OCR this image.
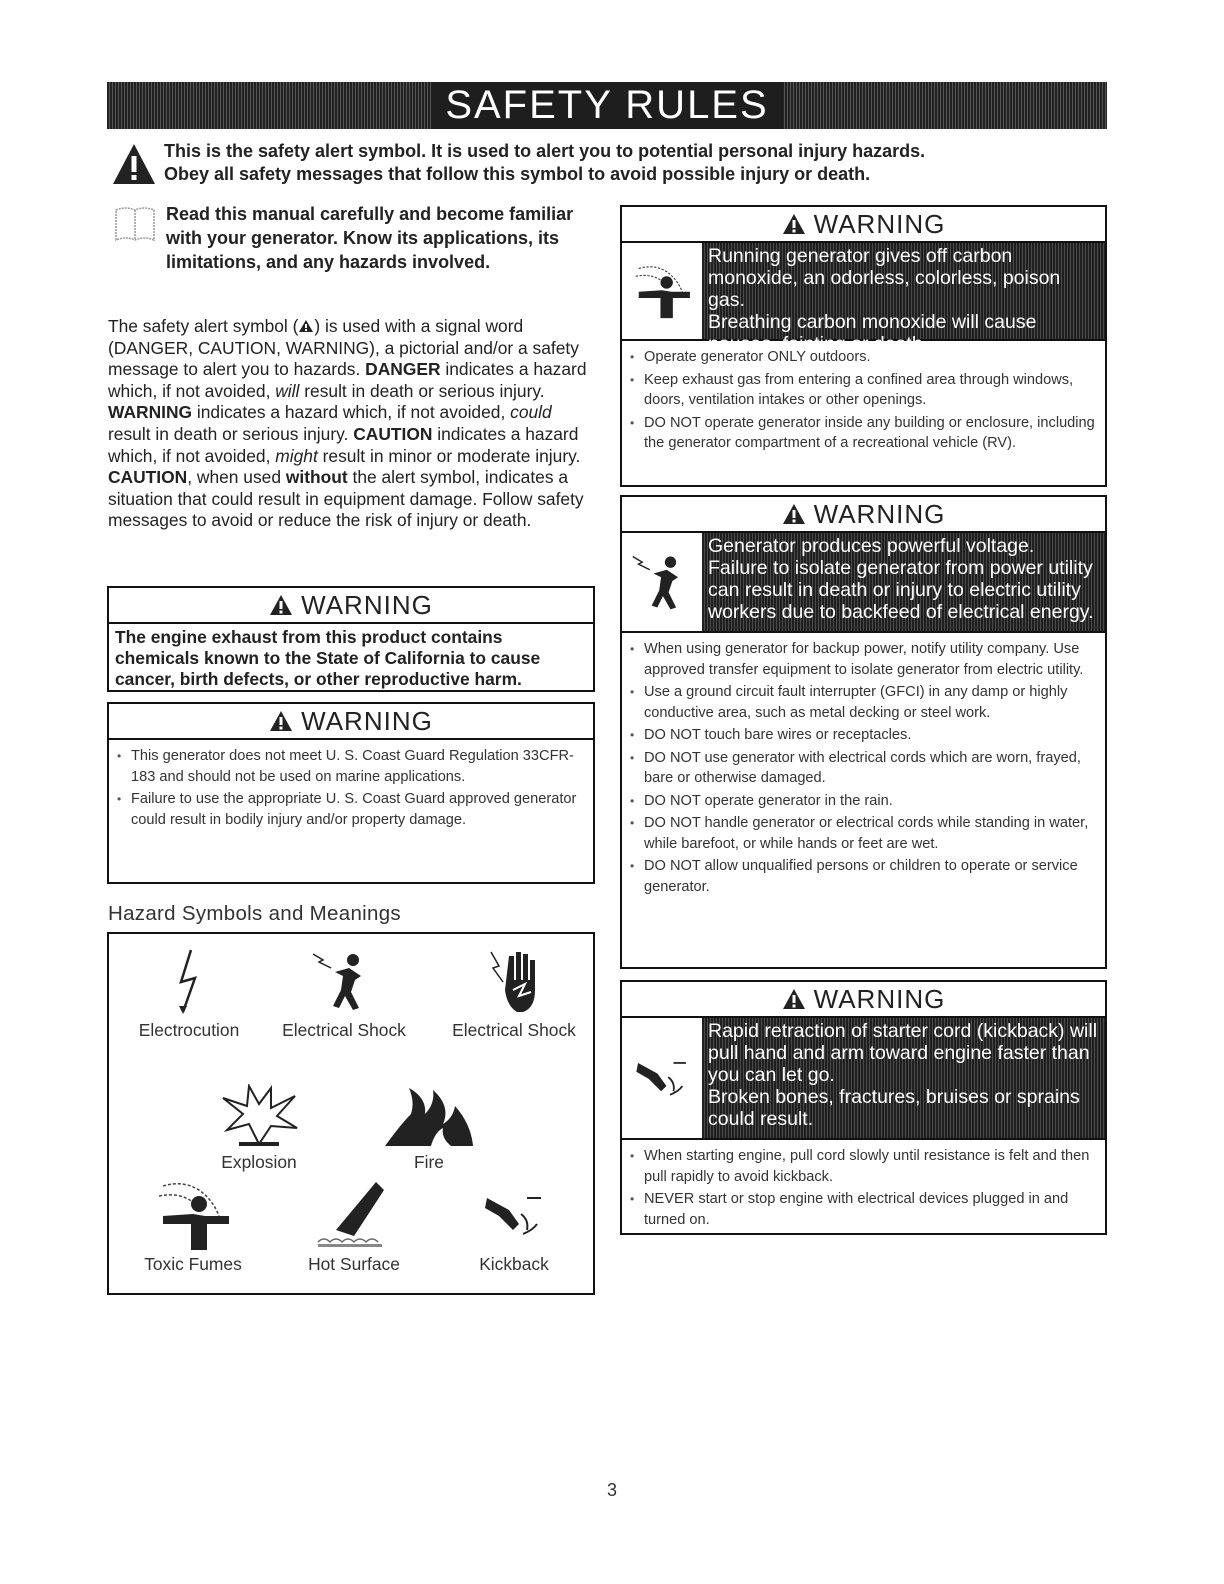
SAFETY RULES
This is the safety alert symbol. It is used to alert you to potential personal injury hazards.
Obey all safety messages that follow this symbol to avoid possible injury or death.
Read this manual carefully and become familiar with your generator. Know its applications, its limitations, and any hazards involved.
The safety alert symbol ( ) is used with a signal word (DANGER, CAUTION, WARNING), a pictorial and/or a safety message to alert you to hazards. DANGER indicates a hazard which, if not avoided, will result in death or serious injury. WARNING indicates a hazard which, if not avoided, could result in death or serious injury. CAUTION indicates a hazard which, if not avoided, might result in minor or moderate injury. CAUTION, when used without the alert symbol, indicates a situation that could result in equipment damage. Follow safety messages to avoid or reduce the risk of injury or death.
WARNING
The engine exhaust from this product contains chemicals known to the State of California to cause cancer, birth defects, or other reproductive harm.
WARNING
• This generator does not meet U. S. Coast Guard Regulation 33CFR-183 and should not be used on marine applications.
• Failure to use the appropriate U. S. Coast Guard approved generator could result in bodily injury and/or property damage.
Hazard Symbols and Meanings
Electrocution Electrical Shock	Electrical Shock
Explosion	Fire
Toxic Fumes	Hot Surface	Kickback
WARNING

Running generator gives off carbon monoxide, an odorless, colorless, poison gas.

Breathing carbon monoxide will cause nausea, fainting or death.

• Operate generator ONLY outdoors.
• Keep exhaust gas from entering a confined area through windows, doors, ventilation intakes or other openings.
• DO NOT operate generator inside any building or enclosure, including the generator compartment of a recreational vehicle (RV).
WARNING

Generator produces powerful voltage.

Failure to isolate generator from power utility can result in death or injury to electric utility workers due to backfeed of electrical energy.

• When using generator for backup power, notify utility company. Use approved transfer equipment to isolate generator from electric utility.
• Use a ground circuit fault interrupter (GFCI) in any damp or highly conductive area, such as metal decking or steel work.
• DO NOT touch bare wires or receptacles.
• DO NOT use generator with electrical cords which are worn, frayed, bare or otherwise damaged.
• DO NOT operate generator in the rain.
• DO NOT handle generator or electrical cords while standing in water, while barefoot, or while hands or feet are wet.
• DO NOT allow unqualified persons or children to operate or service generator.
WARNING

Rapid retraction of starter cord (kickback) will pull hand and arm toward engine faster than you can let go.

Broken bones, fractures, bruises or sprains could result.

• When starting engine, pull cord slowly until resistance is felt and then pull rapidly to avoid kickback.
• NEVER start or stop engine with electrical devices plugged in and turned on.
3
